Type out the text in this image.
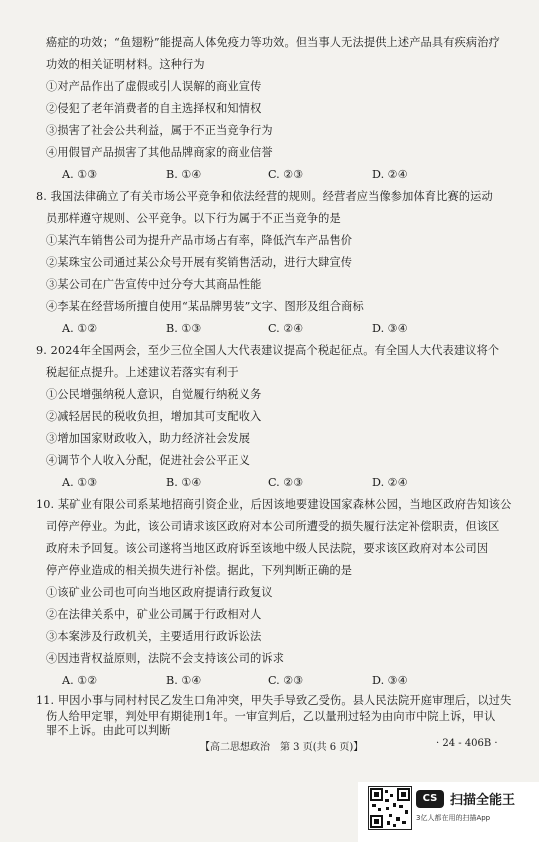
癌症的功效；“鱼翅粉”能提高人体免疫力等功效。但当事人无法提供上述产品具有疾病治疗
功效的相关证明材料。这种行为
①对产品作出了虚假或引人误解的商业宣传
②侵犯了老年消费者的自主选择权和知情权
③损害了社会公共利益，属于不正当竞争行为
④用假冒产品损害了其他品牌商家的商业信誉
A. ①③	B. ①④	C. ②③	D. ②④
8. 我国法律确立了有关市场公平竞争和依法经营的规则。经营者应当像参加体育比赛的运动
员那样遵守规则、公平竞争。以下行为属于不正当竞争的是
①某汽车销售公司为提升产品市场占有率，降低汽车产品售价
②某珠宝公司通过某公众号开展有奖销售活动，进行大肆宣传
③某公司在广告宣传中过分夸大其商品性能
④李某在经营场所擅自使用“某品牌男装”文字、图形及组合商标
A. ①②	B. ①③	C. ②④	D. ③④
9. 2024年全国两会，至少三位全国人大代表建议提高个税起征点。有全国人大代表建议将个
税起征点提升。上述建议若落实有利于
①公民增强纳税人意识，自觉履行纳税义务
②减轻居民的税收负担，增加其可支配收入
③增加国家财政收入，助力经济社会发展
④调节个人收入分配，促进社会公平正义
A. ①③	B. ①④	C. ②③	D. ②④
10. 某矿业有限公司系某地招商引资企业，后因该地要建设国家森林公园，当地区政府告知该公
司停产停业。为此，该公司请求该区政府对本公司所遭受的损失履行法定补偿职责，但该区
政府未予回复。该公司遂将当地区政府诉至该地中级人民法院，要求该区政府对本公司因
停产停业造成的相关损失进行补偿。据此，下列判断正确的是
①该矿业公司也可向当地区政府提请行政复议
②在法律关系中，矿业公司属于行政相对人
③本案涉及行政机关，主要适用行政诉讼法
④因违背权益原则，法院不会支持该公司的诉求
A. ①②	B. ①④	C. ②③	D. ③④
11. 甲因小事与同村村民乙发生口角冲突，甲失手导致乙受伤。县人民法院开庭审理后，以过失
伤人给甲定罪，判处甲有期徒刑1年。一审宣判后，乙以量刑过轻为由向市中院上诉，甲认
罪不上诉。由此可以判断
【高二思想政治　第 3 页(共 6 页)】	· 24 - 406B ·
CS 扫描全能王
3亿人都在用的扫描App
